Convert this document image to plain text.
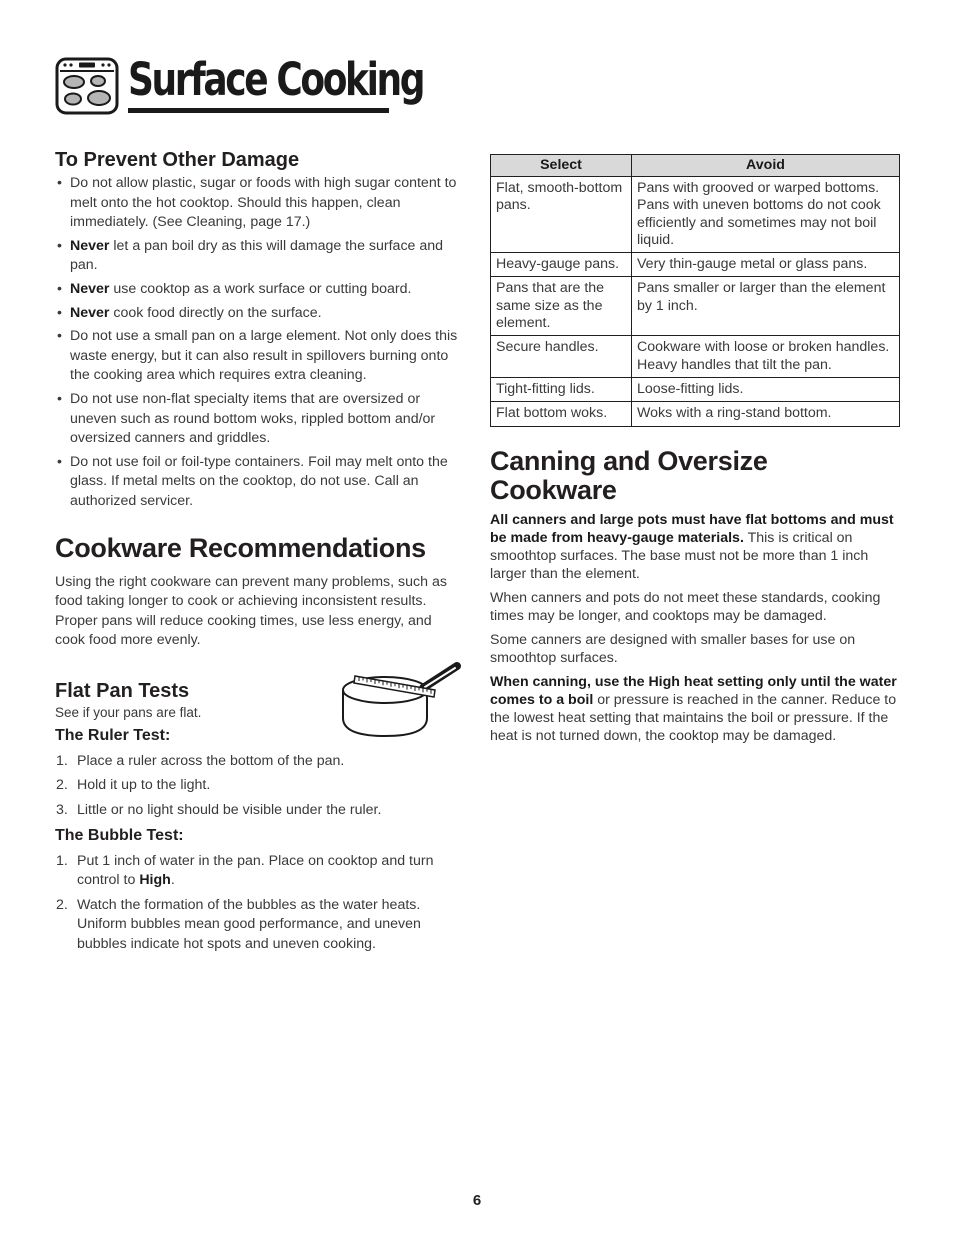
Surface Cooking
To Prevent Other Damage
• Do not allow plastic, sugar or foods with high sugar content to melt onto the hot cooktop. Should this happen, clean immediately. (See Cleaning, page 17.)
• Never let a pan boil dry as this will damage the surface and pan.
• Never use cooktop as a work surface or cutting board.
• Never cook food directly on the surface.
• Do not use a small pan on a large element. Not only does this waste energy, but it can also result in spillovers burning onto the cooking area which requires extra cleaning.
• Do not use non-flat specialty items that are oversized or uneven such as round bottom woks, rippled bottom and/or oversized canners and griddles.
• Do not use foil or foil-type containers. Foil may melt onto the glass. If metal melts on the cooktop, do not use. Call an authorized servicer.
Cookware Recommendations

Using the right cookware can prevent many problems, such as food taking longer to cook or achieving inconsistent results. Proper pans will reduce cooking times, use less energy, and cook food more evenly.

Flat Pan Tests

See if your pans are flat.

The Ruler Test:
1. Place a ruler across the bottom of the pan.
2. Hold it up to the light.
3. Little or no light should be visible under the ruler.
The Bubble Test:
1. Put 1 inch of water in the pan. Place on cooktop and turn control to High.
2. Watch the formation of the bubbles as the water heats. Uniform bubbles mean good performance, and uneven bubbles indicate hot spots and uneven cooking.
Select	Avoid
Flat, smooth-bottom pans.	Pans with grooved or warped bottoms. Pans with uneven bottoms do not cook efficiently and sometimes may not boil liquid.
Heavy-gauge pans.	Very thin-gauge metal or glass pans.
Pans that are the same size as the element.	Pans smaller or larger than the element by 1 inch.
Secure handles.	Cookware with loose or broken handles. Heavy handles that tilt the pan.
Tight-fitting lids.	Loose-fitting lids.
Flat bottom woks.	Woks with a ring-stand bottom.
Canning and Oversize Cookware

All canners and large pots must have flat bottoms and must be made from heavy-gauge materials. This is critical on smoothtop surfaces. The base must not be more than 1 inch larger than the element.

When canners and pots do not meet these standards, cooking times may be longer, and cooktops may be damaged.

Some canners are designed with smaller bases for use on smoothtop surfaces.

When canning, use the High heat setting only until the water comes to a boil or pressure is reached in the canner. Reduce to the lowest heat setting that maintains the boil or pressure. If the heat is not turned down, the cooktop may be damaged.

6
